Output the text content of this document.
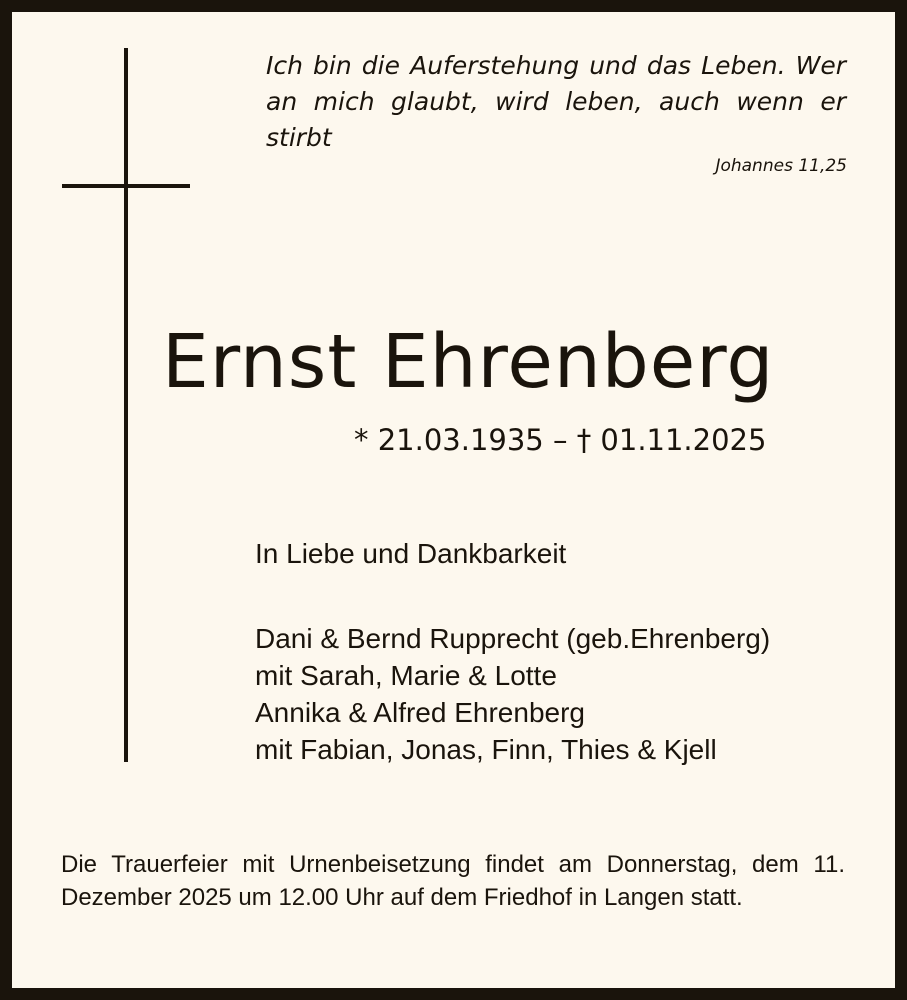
Ich bin die Auferstehung und das Leben. Wer an mich glaubt, wird leben, auch wenn er stirbt

Johannes 11,25

Ernst Ehrenberg

* 21.03.1935 – † 01.11.2025

In Liebe und Dankbarkeit

Dani & Bernd Rupprecht (geb.Ehrenberg)
mit Sarah, Marie & Lotte
Annika & Alfred Ehrenberg
mit Fabian, Jonas, Finn, Thies & Kjell

Die Trauerfeier mit Urnenbeisetzung findet am Donnerstag, dem 11. Dezember 2025 um 12.00 Uhr auf dem Friedhof in Langen statt.
